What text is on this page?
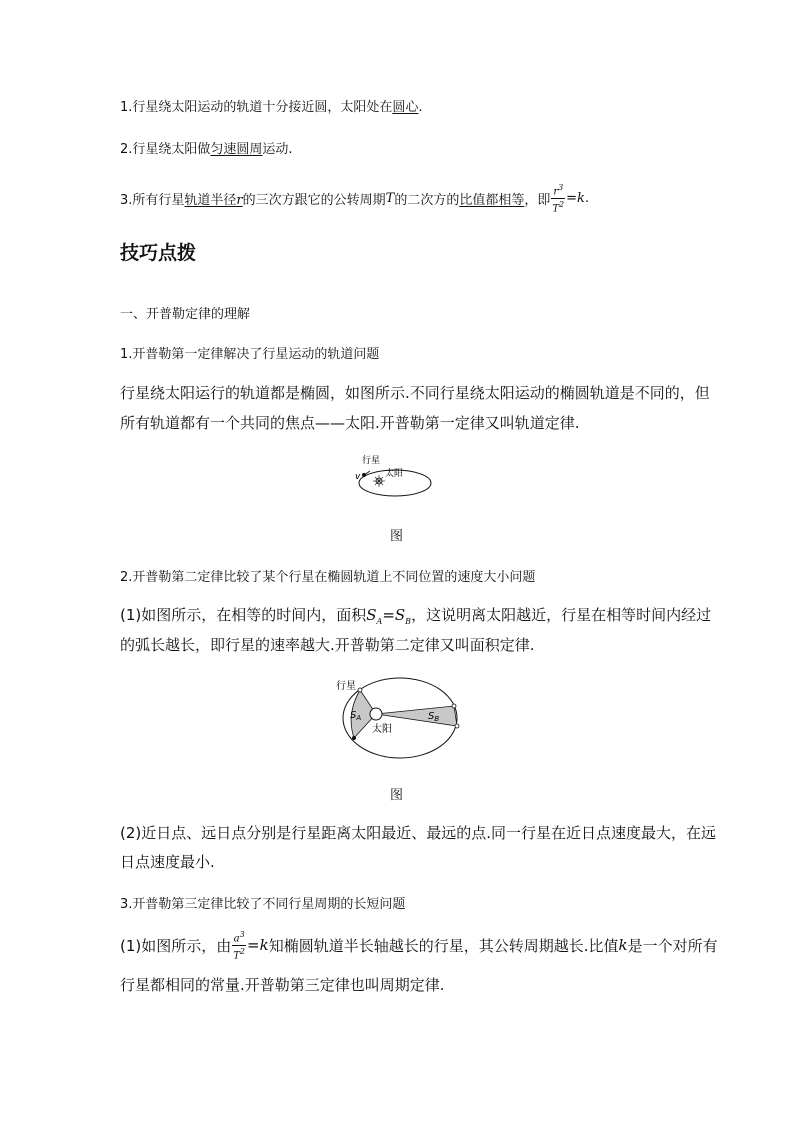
1.行星绕太阳运动的轨道十分接近圆，太阳处在圆心.
2.行星绕太阳做匀速圆周运动.
3.所有行星 轨道半径r 的三次方跟它的公转周期 T 的二次方的 比值都相等 ，即 $\frac{r^3}{T^2} = k$ .
技巧点拨
一、开普勒定律的理解
1.开普勒第一定律解决了行星运动的轨道问题
行星绕太阳运行的轨道都是椭圆，如图所示.不同行星绕太阳运动的椭圆轨道是不同的，但
所有轨道都有一个共同的焦点——太阳.开普勒第一定律又叫轨道定律.
行星
太阳
v
图
2.开普勒第二定律比较了某个行星在椭圆轨道上不同位置的速度大小问题
(1)如图所示，在相等的时间内，面积$S_A=S_B$，这说明离太阳越近，行星在相等时间内经过
的弧长越长，即行星的速率越大.开普勒第二定律又叫面积定律.
行星
太阳
$S_A$	$S_B$
图
(2)近日点、远日点分别是行星距离太阳最近、最远的点.同一行星在近日点速度最大，在远
日点速度最小.
3.开普勒第三定律比较了不同行星周期的长短问题
(1)如图所示，由 $\frac{a^3}{T^2} = k$ 知椭圆轨道半长轴越长的行星，其公转周期越长.比值 k 是一个对所有
行星都相同的常量.开普勒第三定律也叫周期定律.
